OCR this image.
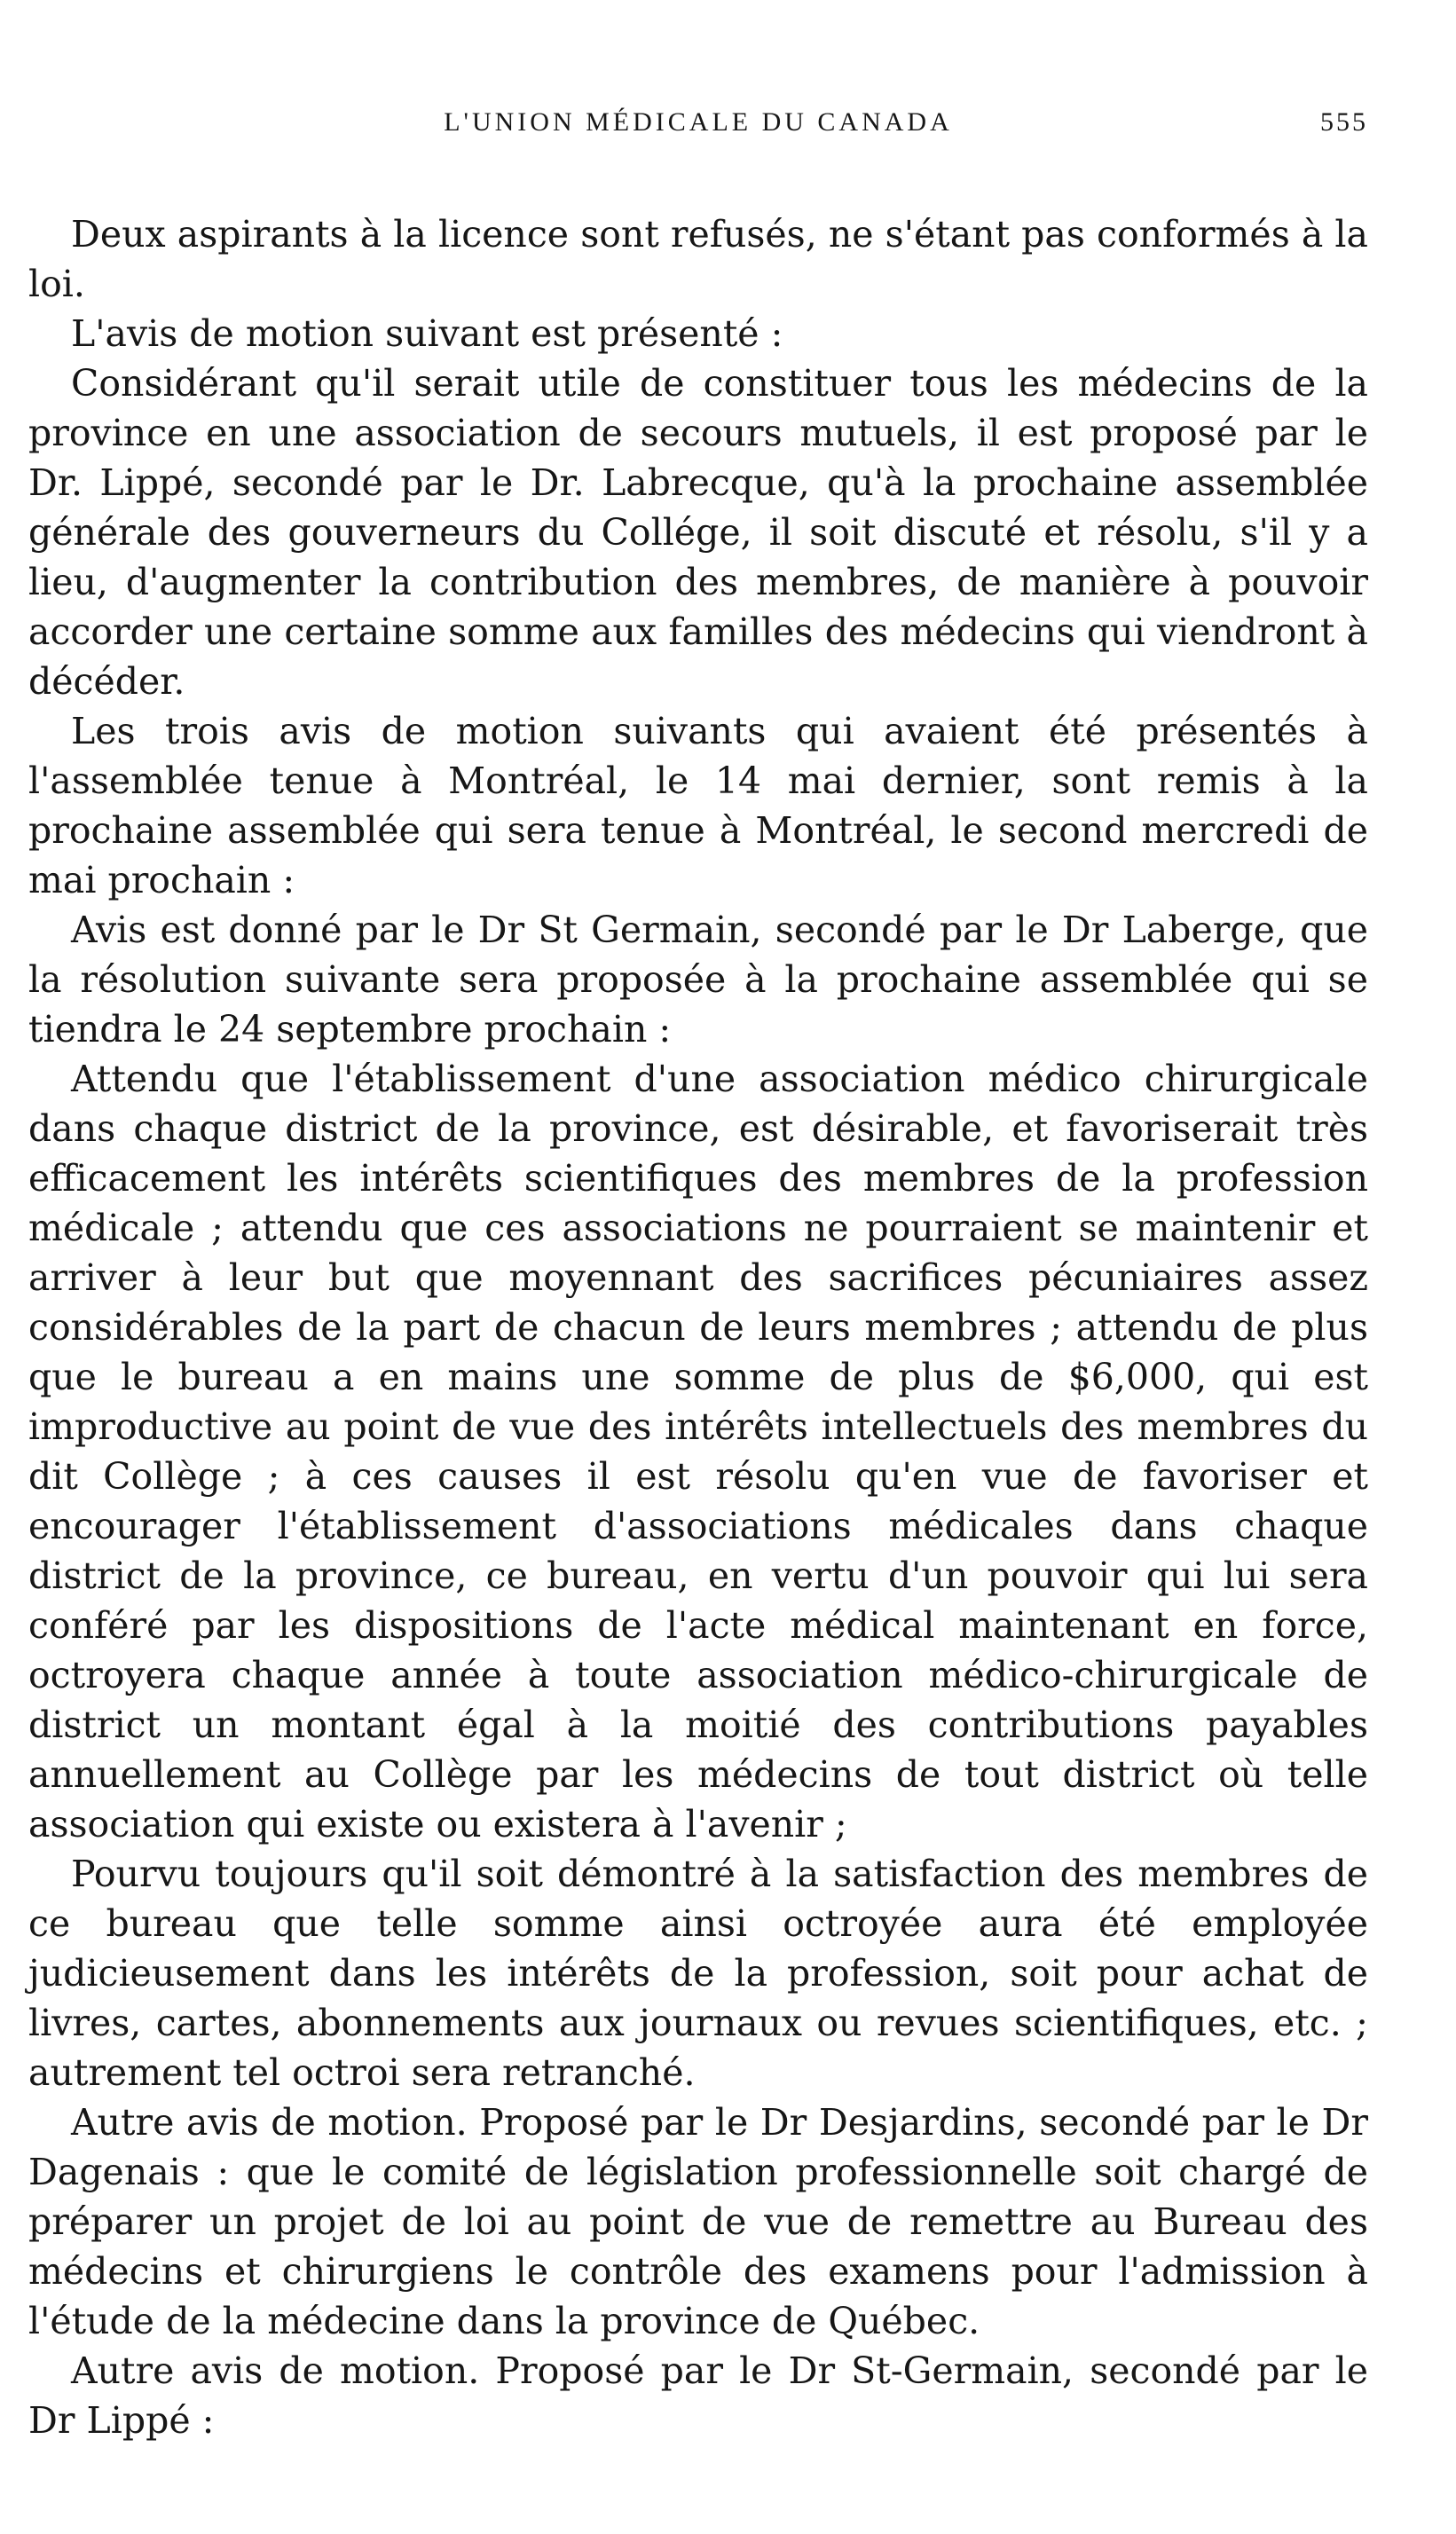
L'UNION MÉDICALE DU CANADA	555

Deux aspirants à la licence sont refusés, ne s'étant pas conformés à la loi.

L'avis de motion suivant est présenté :

Considérant qu'il serait utile de constituer tous les médecins de la province en une association de secours mutuels, il est proposé par le Dr. Lippé, secondé par le Dr. Labrecque, qu'à la prochaine assemblée générale des gouverneurs du Collége, il soit discuté et résolu, s'il y a lieu, d'augmenter la contribution des membres, de manière à pouvoir accorder une certaine somme aux familles des médecins qui viendront à décéder.

Les trois avis de motion suivants qui avaient été présentés à l'assemblée tenue à Montréal, le 14 mai dernier, sont remis à la prochaine assemblée qui sera tenue à Montréal, le second mercredi de mai prochain :

Avis est donné par le Dr St Germain, secondé par le Dr Laberge, que la résolution suivante sera proposée à la prochaine assemblée qui se tiendra le 24 septembre prochain :

Attendu que l'établissement d'une association médico chirurgicale dans chaque district de la province, est désirable, et favoriserait très efficacement les intérêts scientifiques des membres de la profession médicale ; attendu que ces associations ne pourraient se maintenir et arriver à leur but que moyennant des sacrifices pécuniaires assez considérables de la part de chacun de leurs membres ; attendu de plus que le bureau a en mains une somme de plus de $6,000, qui est improductive au point de vue des intérêts intellectuels des membres du dit Collège ; à ces causes il est résolu qu'en vue de favoriser et encourager l'établissement d'associations médicales dans chaque district de la province, ce bureau, en vertu d'un pouvoir qui lui sera conféré par les dispositions de l'acte médical maintenant en force, octroyera chaque année à toute association médico-chirurgicale de district un montant égal à la moitié des contributions payables annuellement au Collège par les médecins de tout district où telle association qui existe ou existera à l'avenir ;

Pourvu toujours qu'il soit démontré à la satisfaction des membres de ce bureau que telle somme ainsi octroyée aura été employée judicieusement dans les intérêts de la profession, soit pour achat de livres, cartes, abonnements aux journaux ou revues scientifiques, etc. ; autrement tel octroi sera retranché.

Autre avis de motion. Proposé par le Dr Desjardins, secondé par le Dr Dagenais : que le comité de législation professionnelle soit chargé de préparer un projet de loi au point de vue de remettre au Bureau des médecins et chirurgiens le contrôle des examens pour l'admission à l'étude de la médecine dans la province de Québec.

Autre avis de motion. Proposé par le Dr St-Germain, secondé par le Dr Lippé :
